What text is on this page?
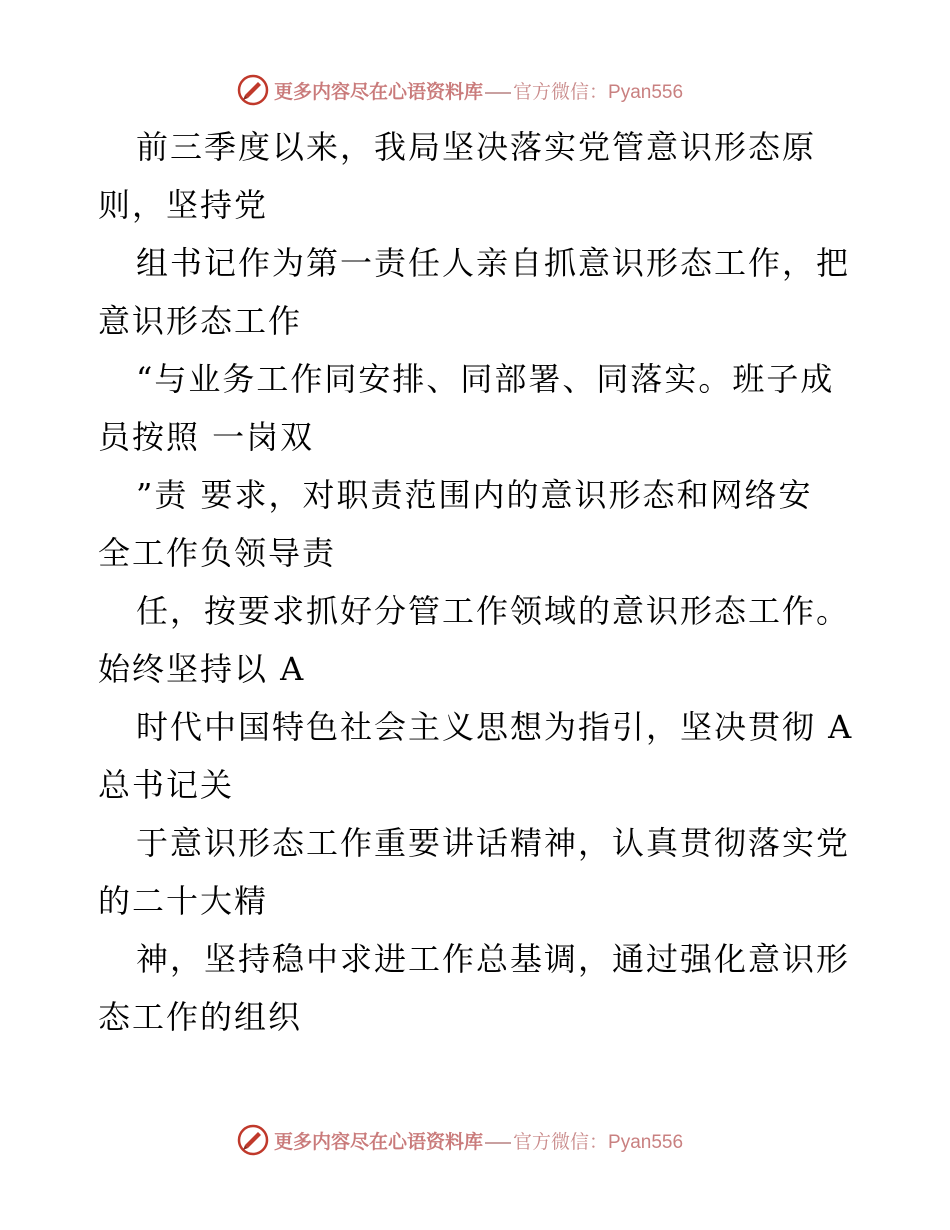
更多内容尽在心语资料库 官方微信：Pyan556
前三季度以来，我局坚决落实党管意识形态原
则，坚持党
组书记作为第一责任人亲自抓意识形态工作，把
意识形态工作
“与业务工作同安排、同部署、同落实。班子成
员按照 一岗双
”责 要求，对职责范围内的意识形态和网络安
全工作负领导责
任，按要求抓好分管工作领域的意识形态工作。
始终坚持以 A
时代中国特色社会主义思想为指引，坚决贯彻 A
总书记关
于意识形态工作重要讲话精神，认真贯彻落实党
的二十大精
神，坚持稳中求进工作总基调，通过强化意识形
态工作的组织
更多内容尽在心语资料库 官方微信：Pyan556
